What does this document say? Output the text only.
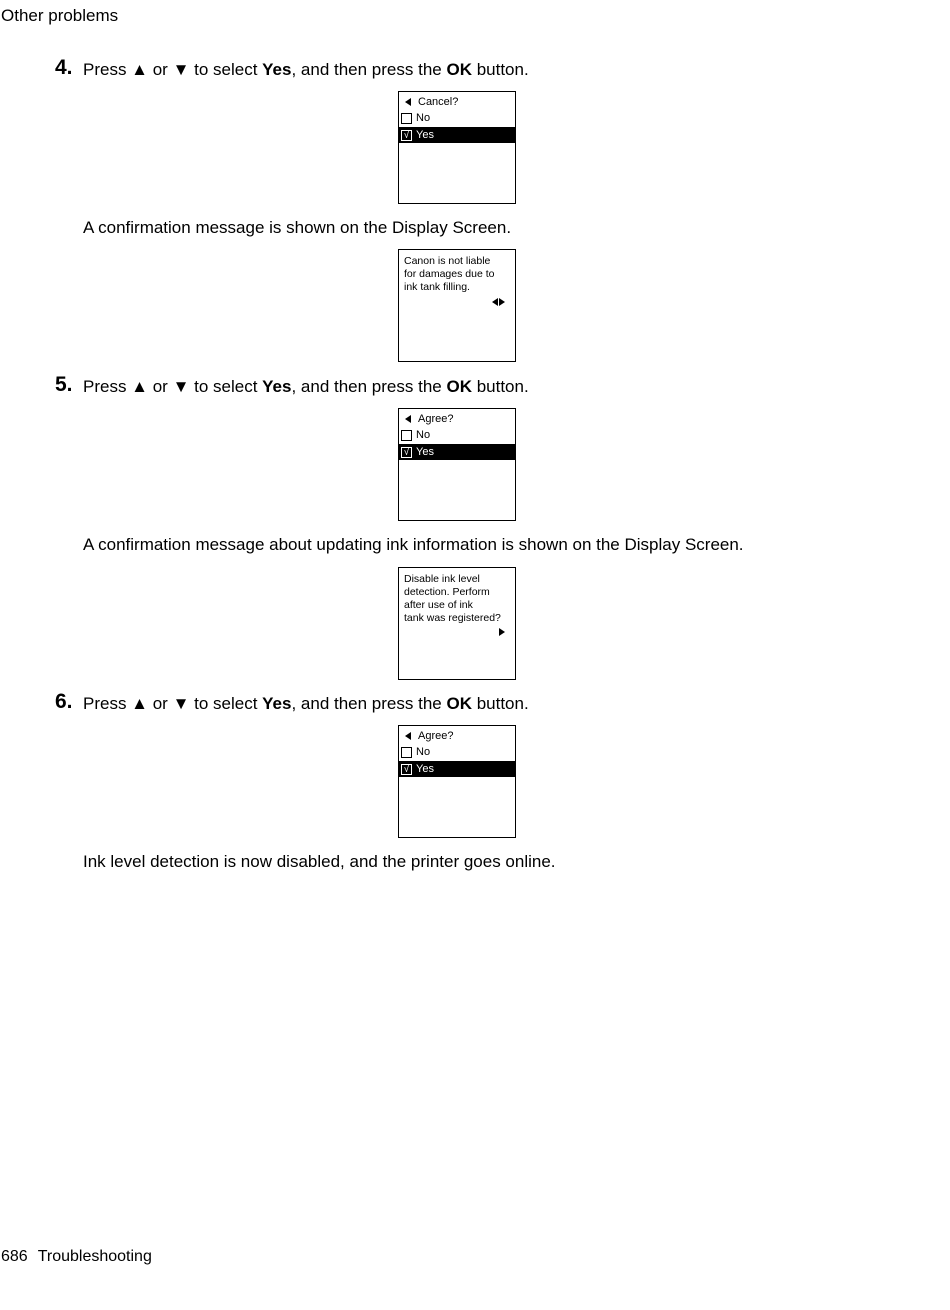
Other problems
4. Press ▲ or ▼ to select Yes, and then press the OK button.
Cancel?
No
√ Yes
A confirmation message is shown on the Display Screen.
Canon is not liable
for damages due to
ink tank filling.
5. Press ▲ or ▼ to select Yes, and then press the OK button.
Agree?
No
√ Yes
A confirmation message about updating ink information is shown on the Display Screen.
Disable ink level
detection. Perform
after use of ink
tank was registered?
6. Press ▲ or ▼ to select Yes, and then press the OK button.
Agree?
No
√ Yes
Ink level detection is now disabled, and the printer goes online.
686 Troubleshooting
